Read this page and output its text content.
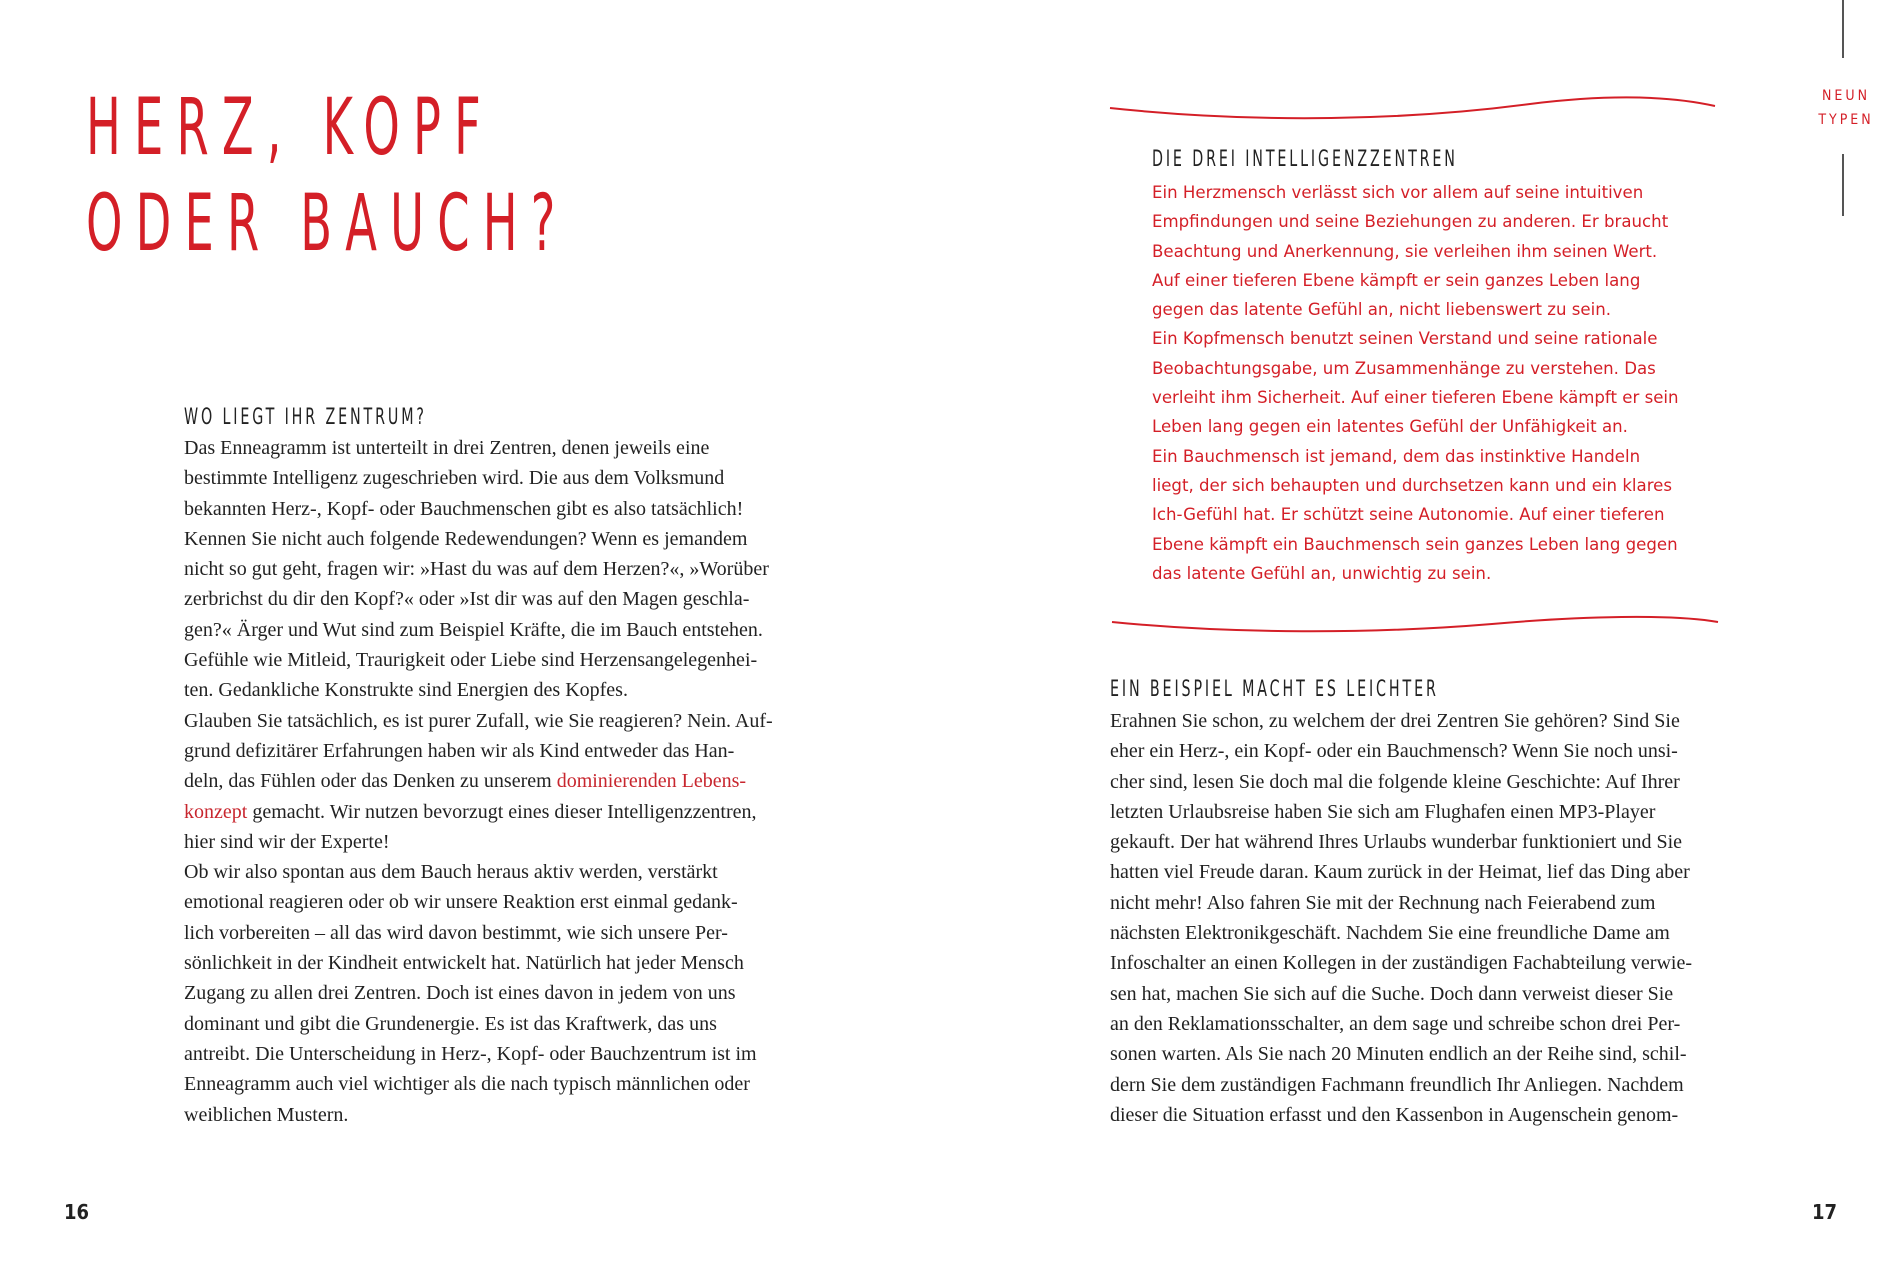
HERZ, KOPF
ODER BAUCH?
WO LIEGT IHR ZENTRUM?
Das Enneagramm ist unterteilt in drei Zentren, denen jeweils eine
bestimmte Intelligenz zugeschrieben wird. Die aus dem Volksmund
bekannten Herz-, Kopf- oder Bauchmenschen gibt es also tatsächlich!
Kennen Sie nicht auch folgende Redewendungen? Wenn es jemandem
nicht so gut geht, fragen wir: »Hast du was auf dem Herzen?«, »Worüber
zerbrichst du dir den Kopf?« oder »Ist dir was auf den Magen geschla-
gen?« Ärger und Wut sind zum Beispiel Kräfte, die im Bauch entstehen.
Gefühle wie Mitleid, Traurigkeit oder Liebe sind Herzensangelegenhei-
ten. Gedankliche Konstrukte sind Energien des Kopfes.
Glauben Sie tatsächlich, es ist purer Zufall, wie Sie reagieren? Nein. Auf-
grund defizitärer Erfahrungen haben wir als Kind entweder das Han-
deln, das Fühlen oder das Denken zu unserem dominierenden Lebens-
konzept gemacht. Wir nutzen bevorzugt eines dieser Intelligenzzentren,
hier sind wir der Experte!
Ob wir also spontan aus dem Bauch heraus aktiv werden, verstärkt
emotional reagieren oder ob wir unsere Reaktion erst einmal gedank-
lich vorbereiten – all das wird davon bestimmt, wie sich unsere Per-
sönlichkeit in der Kindheit entwickelt hat. Natürlich hat jeder Mensch
Zugang zu allen drei Zentren. Doch ist eines davon in jedem von uns
dominant und gibt die Grundenergie. Es ist das Kraftwerk, das uns
antreibt. Die Unterscheidung in Herz-, Kopf- oder Bauchzentrum ist im
Enneagramm auch viel wichtiger als die nach typisch männlichen oder
weiblichen Mustern.
16
NEUN
TYPEN
DIE DREI INTELLIGENZZENTREN
Ein Herzmensch verlässt sich vor allem auf seine intuitiven
Empfindungen und seine Beziehungen zu anderen. Er braucht
Beachtung und Anerkennung, sie verleihen ihm seinen Wert.
Auf einer tieferen Ebene kämpft er sein ganzes Leben lang
gegen das latente Gefühl an, nicht liebenswert zu sein.
Ein Kopfmensch benutzt seinen Verstand und seine rationale
Beobachtungsgabe, um Zusammenhänge zu verstehen. Das
verleiht ihm Sicherheit. Auf einer tieferen Ebene kämpft er sein
Leben lang gegen ein latentes Gefühl der Unfähigkeit an.
Ein Bauchmensch ist jemand, dem das instinktive Handeln
liegt, der sich behaupten und durchsetzen kann und ein klares
Ich-Gefühl hat. Er schützt seine Autonomie. Auf einer tieferen
Ebene kämpft ein Bauchmensch sein ganzes Leben lang gegen
das latente Gefühl an, unwichtig zu sein.
EIN BEISPIEL MACHT ES LEICHTER
Erahnen Sie schon, zu welchem der drei Zentren Sie gehören? Sind Sie
eher ein Herz-, ein Kopf- oder ein Bauchmensch? Wenn Sie noch unsi-
cher sind, lesen Sie doch mal die folgende kleine Geschichte: Auf Ihrer
letzten Urlaubsreise haben Sie sich am Flughafen einen MP3-Player
gekauft. Der hat während Ihres Urlaubs wunderbar funktioniert und Sie
hatten viel Freude daran. Kaum zurück in der Heimat, lief das Ding aber
nicht mehr! Also fahren Sie mit der Rechnung nach Feierabend zum
nächsten Elektronikgeschäft. Nachdem Sie eine freundliche Dame am
Infoschalter an einen Kollegen in der zuständigen Fachabteilung verwie-
sen hat, machen Sie sich auf die Suche. Doch dann verweist dieser Sie
an den Reklamationsschalter, an dem sage und schreibe schon drei Per-
sonen warten. Als Sie nach 20 Minuten endlich an der Reihe sind, schil-
dern Sie dem zuständigen Fachmann freundlich Ihr Anliegen. Nachdem
dieser die Situation erfasst und den Kassenbon in Augenschein genom-
17
